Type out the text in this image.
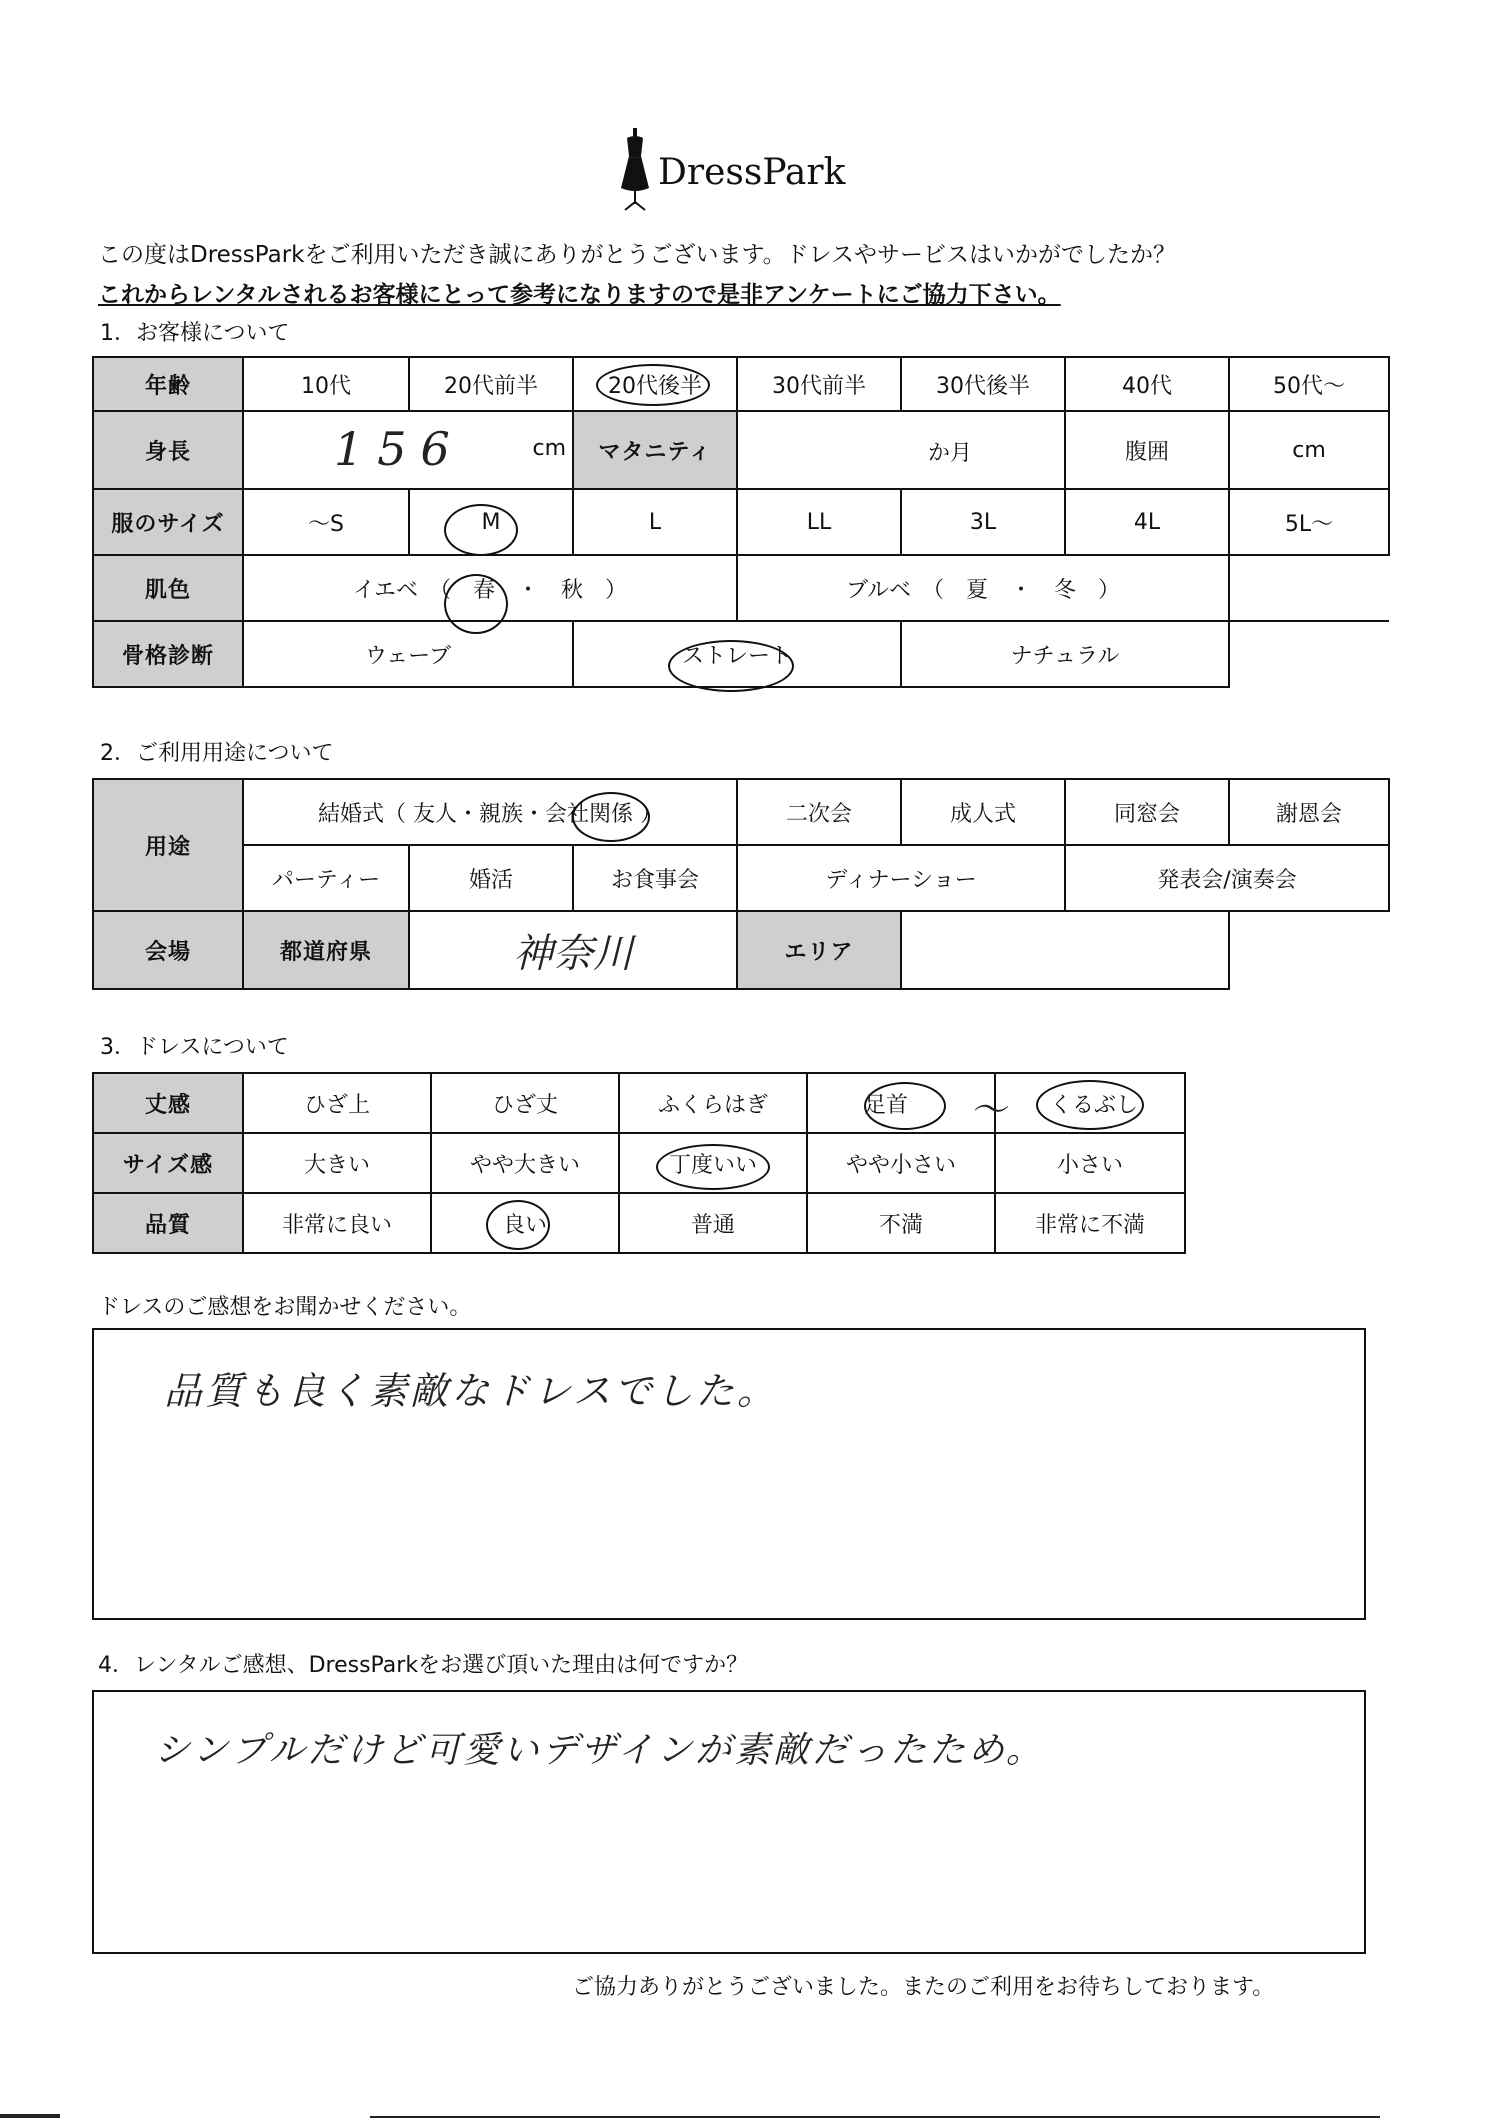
DressPark
この度はDressParkをご利用いただき誠にありがとうございます。ドレスやサービスはいかがでしたか？
これからレンタルされるお客様にとって参考になりますので是非アンケートにご協力下さい。
1．お客様について
年齢	10代	20代前半	20代後半	30代前半	30代後半	40代	50代～
身長	156 cm		マタニティ	か月		腹囲	cm
服のサイズ	～S	M	L	LL	3L	4L	5L～
肌色	イエベ　（　春　・　秋　）			ブルベ　（　夏　・　冬　）			
骨格診断	ウェーブ		ストレート		ナチュラル		
2．ご利用用途について
用途	結婚式（ 友人・親族・会社関係 ）			二次会	成人式	同窓会	謝恩会
	パーティー	婚活	お食事会	ディナーショー		発表会/演奏会	
会場	都道府県	神奈川		エリア			
3．ドレスについて
丈感	ひざ上	ひざ丈	ふくらはぎ	足首	くるぶし
サイズ感	大きい	やや大きい	丁度いい	やや小さい	小さい
品質	非常に良い	良い	普通	不満	非常に不満
～
ドレスのご感想をお聞かせください。
品質も良く素敵なドレスでした。
4．レンタルご感想、DressParkをお選び頂いた理由は何ですか？
シンプルだけど可愛いデザインが素敵だったため。
ご協力ありがとうございました。またのご利用をお待ちしております。
